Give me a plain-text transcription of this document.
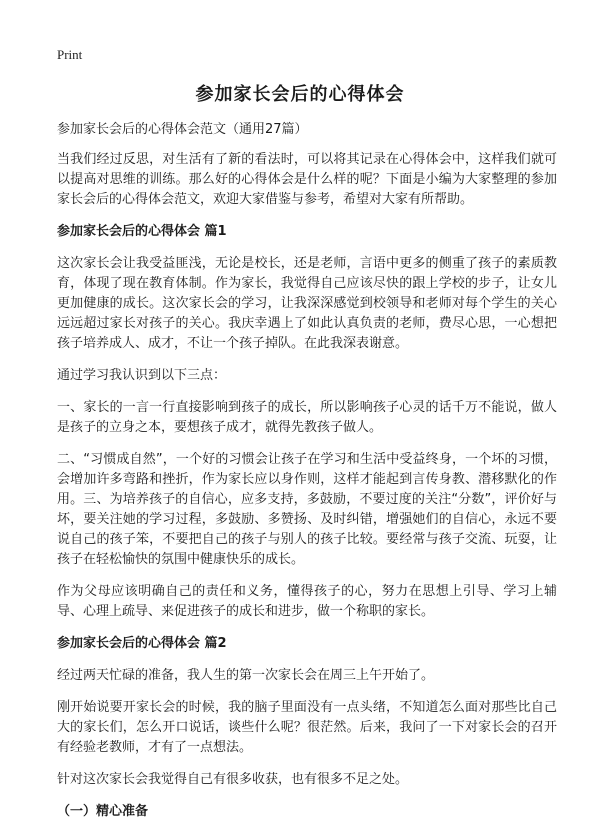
Print
参加家长会后的心得体会

参加家长会后的心得体会范文（通用27篇）

当我们经过反思，对生活有了新的看法时，可以将其记录在心得体会中，这样我们就可以提高对思维的训练。那么好的心得体会是什么样的呢？下面是小编为大家整理的参加家长会后的心得体会范文，欢迎大家借鉴与参考，希望对大家有所帮助。

参加家长会后的心得体会 篇1

这次家长会让我受益匪浅，无论是校长，还是老师，言语中更多的侧重了孩子的素质教育，体现了现在教育体制。作为家长，我觉得自己应该尽快的跟上学校的步子，让女儿更加健康的成长。这次家长会的学习，让我深深感觉到校领导和老师对每个学生的关心远远超过家长对孩子的关心。我庆幸遇上了如此认真负责的老师，费尽心思，一心想把孩子培养成人、成才，不让一个孩子掉队。在此我深表谢意。

通过学习我认识到以下三点：

一、家长的一言一行直接影响到孩子的成长，所以影响孩子心灵的话千万不能说，做人是孩子的立身之本，要想孩子成才，就得先教孩子做人。

二、“习惯成自然”，一个好的习惯会让孩子在学习和生活中受益终身，一个坏的习惯，会增加许多弯路和挫折，作为家长应以身作则，这样才能起到言传身教、潜移默化的作用。三、为培养孩子的自信心，应多支持，多鼓励，不要过度的关注“分数”，评价好与坏，要关注她的学习过程，多鼓励、多赞扬、及时纠错，增强她们的自信心，永远不要说自己的孩子笨，不要把自己的孩子与别人的孩子比较。要经常与孩子交流、玩耍，让孩子在轻松愉快的氛围中健康快乐的成长。

作为父母应该明确自己的责任和义务，懂得孩子的心，努力在思想上引导、学习上辅导、心理上疏导、来促进孩子的成长和进步，做一个称职的家长。

参加家长会后的心得体会 篇2

经过两天忙碌的准备，我人生的第一次家长会在周三上午开始了。

刚开始说要开家长会的时候，我的脑子里面没有一点头绪，不知道怎么面对那些比自己大的家长们，怎么开口说话，谈些什么呢？很茫然。后来，我问了一下对家长会的召开有经验老教师，才有了一点想法。

针对这次家长会我觉得自己有很多收获，也有很多不足之处。

（一）精心准备
